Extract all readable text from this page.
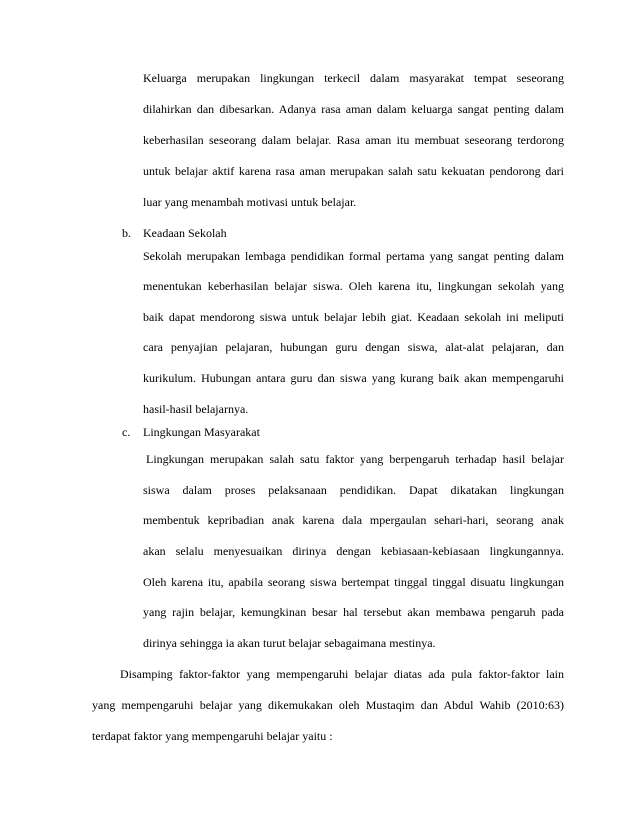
Keluarga merupakan lingkungan terkecil dalam masyarakat tempat seseorang

dilahirkan dan dibesarkan. Adanya rasa aman dalam keluarga sangat penting dalam

keberhasilan seseorang dalam belajar. Rasa aman itu membuat seseorang terdorong

untuk belajar aktif karena rasa aman merupakan salah satu kekuatan pendorong dari

luar yang menambah motivasi untuk belajar.

b. Keadaan Sekolah

Sekolah merupakan lembaga pendidikan formal pertama yang sangat penting dalam

menentukan keberhasilan belajar siswa. Oleh karena itu, lingkungan sekolah yang

baik dapat mendorong siswa untuk belajar lebih giat. Keadaan sekolah ini meliputi

cara penyajian pelajaran, hubungan guru dengan siswa, alat-alat pelajaran, dan

kurikulum. Hubungan antara guru dan siswa yang kurang baik akan mempengaruhi

hasil-hasil belajarnya.

c. Lingkungan Masyarakat

Lingkungan merupakan salah satu faktor yang berpengaruh terhadap hasil belajar

siswa dalam proses pelaksanaan pendidikan. Dapat dikatakan lingkungan

membentuk kepribadian anak karena dala mpergaulan sehari-hari, seorang anak

akan selalu menyesuaikan dirinya dengan kebiasaan-kebiasaan lingkungannya.

Oleh karena itu, apabila seorang siswa bertempat tinggal tinggal disuatu lingkungan

yang rajin belajar, kemungkinan besar hal tersebut akan membawa pengaruh pada

dirinya sehingga ia akan turut belajar sebagaimana mestinya.

Disamping faktor-faktor yang mempengaruhi belajar diatas ada pula faktor-faktor lain

yang mempengaruhi belajar yang dikemukakan oleh Mustaqim dan Abdul Wahib (2010:63)

terdapat faktor yang mempengaruhi belajar yaitu :
